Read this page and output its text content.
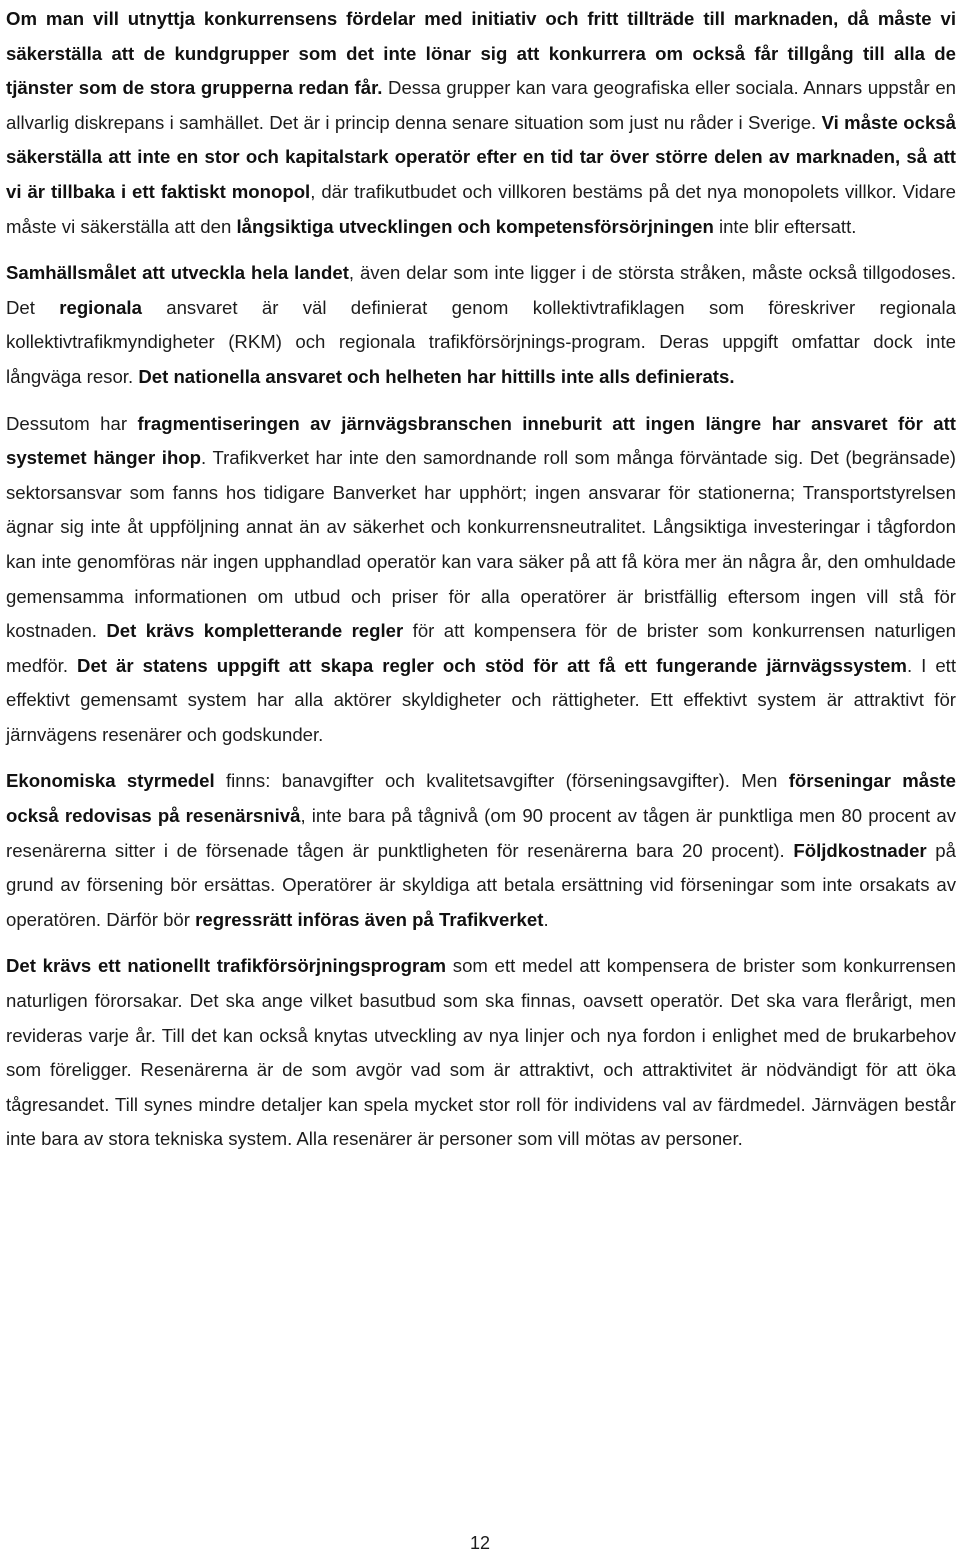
Om man vill utnyttja konkurrensens fördelar med initiativ och fritt tillträde till marknaden, då måste vi säkerställa att de kundgrupper som det inte lönar sig att konkurrera om också får tillgång till alla de tjänster som de stora grupperna redan får. Dessa grupper kan vara geografiska eller sociala. Annars uppstår en allvarlig diskrepans i samhället. Det är i princip denna senare situation som just nu råder i Sverige. Vi måste också säkerställa att inte en stor och kapitalstark operatör efter en tid tar över större delen av marknaden, så att vi är tillbaka i ett faktiskt monopol, där trafikutbudet och villkoren bestäms på det nya monopolets villkor. Vidare måste vi säkerställa att den långsiktiga utvecklingen och kompetensförsörjningen inte blir eftersatt.

Samhällsmålet att utveckla hela landet, även delar som inte ligger i de största stråken, måste också tillgodoses. Det regionala ansvaret är väl definierat genom kollektivtrafiklagen som föreskriver regionala kollektivtrafikmyndigheter (RKM) och regionala trafikförsörjnings-program. Deras uppgift omfattar dock inte långväga resor. Det nationella ansvaret och helheten har hittills inte alls definierats.

Dessutom har fragmentiseringen av järnvägsbranschen inneburit att ingen längre har ansvaret för att systemet hänger ihop. Trafikverket har inte den samordnande roll som många förväntade sig. Det (begränsade) sektorsansvar som fanns hos tidigare Banverket har upphört; ingen ansvarar för stationerna; Transportstyrelsen ägnar sig inte åt uppföljning annat än av säkerhet och konkurrensneutralitet. Långsiktiga investeringar i tågfordon kan inte genomföras när ingen upphandlad operatör kan vara säker på att få köra mer än några år, den omhuldade gemensamma informationen om utbud och priser för alla operatörer är bristfällig eftersom ingen vill stå för kostnaden. Det krävs kompletterande regler för att kompensera för de brister som konkurrensen naturligen medför. Det är statens uppgift att skapa regler och stöd för att få ett fungerande järnvägssystem. I ett effektivt gemensamt system har alla aktörer skyldigheter och rättigheter. Ett effektivt system är attraktivt för järnvägens resenärer och godskunder.

Ekonomiska styrmedel finns: banavgifter och kvalitetsavgifter (förseningsavgifter). Men förseningar måste också redovisas på resenärsnivå, inte bara på tågnivå (om 90 procent av tågen är punktliga men 80 procent av resenärerna sitter i de försenade tågen är punktligheten för resenärerna bara 20 procent). Följdkostnader på grund av försening bör ersättas. Operatörer är skyldiga att betala ersättning vid förseningar som inte orsakats av operatören. Därför bör regressrätt införas även på Trafikverket.

Det krävs ett nationellt trafikförsörjningsprogram som ett medel att kompensera de brister som konkurrensen naturligen förorsakar. Det ska ange vilket basutbud som ska finnas, oavsett operatör. Det ska vara flerårigt, men revideras varje år. Till det kan också knytas utveckling av nya linjer och nya fordon i enlighet med de brukarbehov som föreligger. Resenärerna är de som avgör vad som är attraktivt, och attraktivitet är nödvändigt för att öka tågresandet. Till synes mindre detaljer kan spela mycket stor roll för individens val av färdmedel. Järnvägen består inte bara av stora tekniska system. Alla resenärer är personer som vill mötas av personer.

12
